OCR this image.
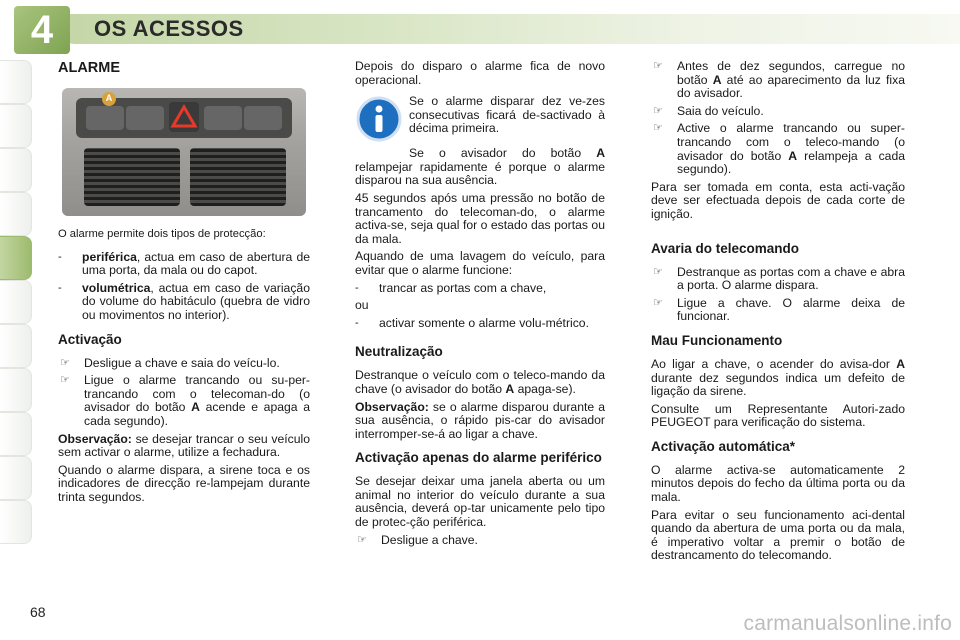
4	OS ACESSOS
ALARME
A

O alarme permite dois tipos de protecção:

-	periférica, actua em caso de abertura de uma porta, da mala ou do capot.
-	volumétrica, actua em caso de variação do volume do habitáculo (quebra de vidro ou movimentos no interior).
Activação
☞	Desligue a chave e saia do veícu-lo.
☞	Ligue o alarme trancando ou su-per-trancando com o telecoman-do (o avisador do botão A acende e apaga a cada segundo).

Observação: se desejar trancar o seu veículo sem activar o alarme, utilize a fechadura.

Quando o alarme dispara, a sirene toca e os indicadores de direcção re-lampejam durante trinta segundos.

Depois do disparo o alarme fica de novo operacional.

Se o alarme disparar dez ve-zes consecutivas ficará de-sactivado à décima primeira.

Se o avisador do botão A relampejar rapidamente é porque o alarme disparou na sua ausência.

45 segundos após uma pressão no botão de trancamento do telecoman-do, o alarme activa-se, seja qual for o estado das portas ou da mala.

Aquando de uma lavagem do veículo, para evitar que o alarme funcione:

-	trancar as portas com a chave,

ou

-	activar somente o alarme volu-métrico.
Neutralização

Destranque o veículo com o teleco-mando da chave (o avisador do botão A apaga-se).

Observação: se o alarme disparou durante a sua ausência, o rápido pis-car do avisador interromper-se-á ao ligar a chave.

Activação apenas do alarme periférico

Se desejar deixar uma janela aberta ou um animal no interior do veículo durante a sua ausência, deverá op-tar unicamente pelo tipo de protec-ção periférica.

☞	Desligue a chave.
☞	Antes de dez segundos, carregue no botão A até ao aparecimento da luz fixa do avisador.
☞	Saia do veículo.
☞	Active o alarme trancando ou super-trancando com o teleco-mando (o avisador do botão A relampeja a cada segundo).

Para ser tomada em conta, esta acti-vação deve ser efectuada depois de cada corte de ignição.

Avaria do telecomando
☞	Destranque as portas com a chave e abra a porta. O alarme dispara.
☞	Ligue a chave. O alarme deixa de funcionar.
Mau Funcionamento

Ao ligar a chave, o acender do avisa-dor A durante dez segundos indica um defeito de ligação da sirene.

Consulte um Representante Autori-zado PEUGEOT para verificação do sistema.

Activação automática*

O alarme activa-se automaticamente 2 minutos depois do fecho da última porta ou da mala.

Para evitar o seu funcionamento aci-dental quando da abertura de uma porta ou da mala, é imperativo voltar a premir o botão de destrancamento do telecomando.

68	carmanualsonline.info
